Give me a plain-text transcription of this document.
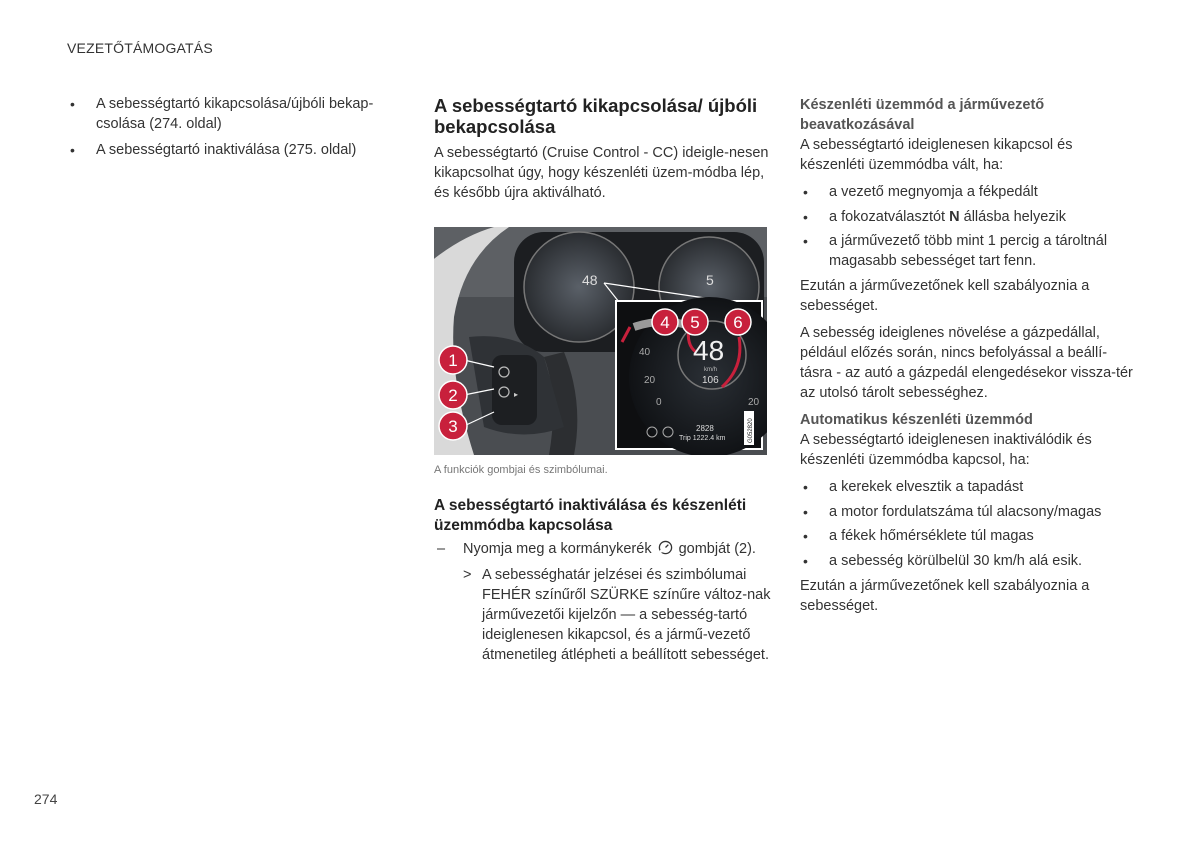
VEZETŐTÁMOGATÁS
• A sebességtartó kikapcsolása/újbóli bekap-csolása (274. oldal)
• A sebességtartó inaktiválása (275. oldal)
A sebességtartó kikapcsolása/ újbóli bekapcsolása

A sebességtartó (Cruise Control - CC) ideigle-nesen kikapcsolhat úgy, hogy készenléti üzem-módba lép, és később újra aktiválható.

48	5
▸
48
km/h
106
40
20
0	20
2828
Trip 1222.4 km	G052820
1
2
3
4 5 6
A funkciók gombjai és szimbólumai.
A sebességtartó inaktiválása és készenléti üzemmódba kapcsolása
– Nyomja meg a kormánykerék gombját (2).
> A sebességhatár jelzései és szimbólumai FEHÉR színűről SZÜRKE színűre változ-nak járművezetői kijelzőn — a sebesség-tartó ideiglenesen kikapcsol, és a jármű-vezető átmenetileg átlépheti a beállított sebességet.
Készenléti üzemmód a járművezető beavatkozásával

A sebességtartó ideiglenesen kikapcsol és készenléti üzemmódba vált, ha:

• a vezető megnyomja a fékpedált
• a fokozatválasztót N állásba helyezik
• a járművezető több mint 1 percig a tároltnál magasabb sebességet tart fenn.

Ezután a járművezetőnek kell szabályoznia a sebességet.

A sebesség ideiglenes növelése a gázpedállal, például előzés során, nincs befolyással a beállí-tásra - az autó a gázpedál elengedésekor vissza-tér az utolsó tárolt sebességhez.

Automatikus készenléti üzemmód

A sebességtartó ideiglenesen inaktiválódik és készenléti üzemmódba kapcsol, ha:

• a kerekek elvesztik a tapadást
• a motor fordulatszáma túl alacsony/magas
• a fékek hőmérséklete túl magas
• a sebesség körülbelül 30 km/h alá esik.

Ezután a járművezetőnek kell szabályoznia a sebességet.

274
